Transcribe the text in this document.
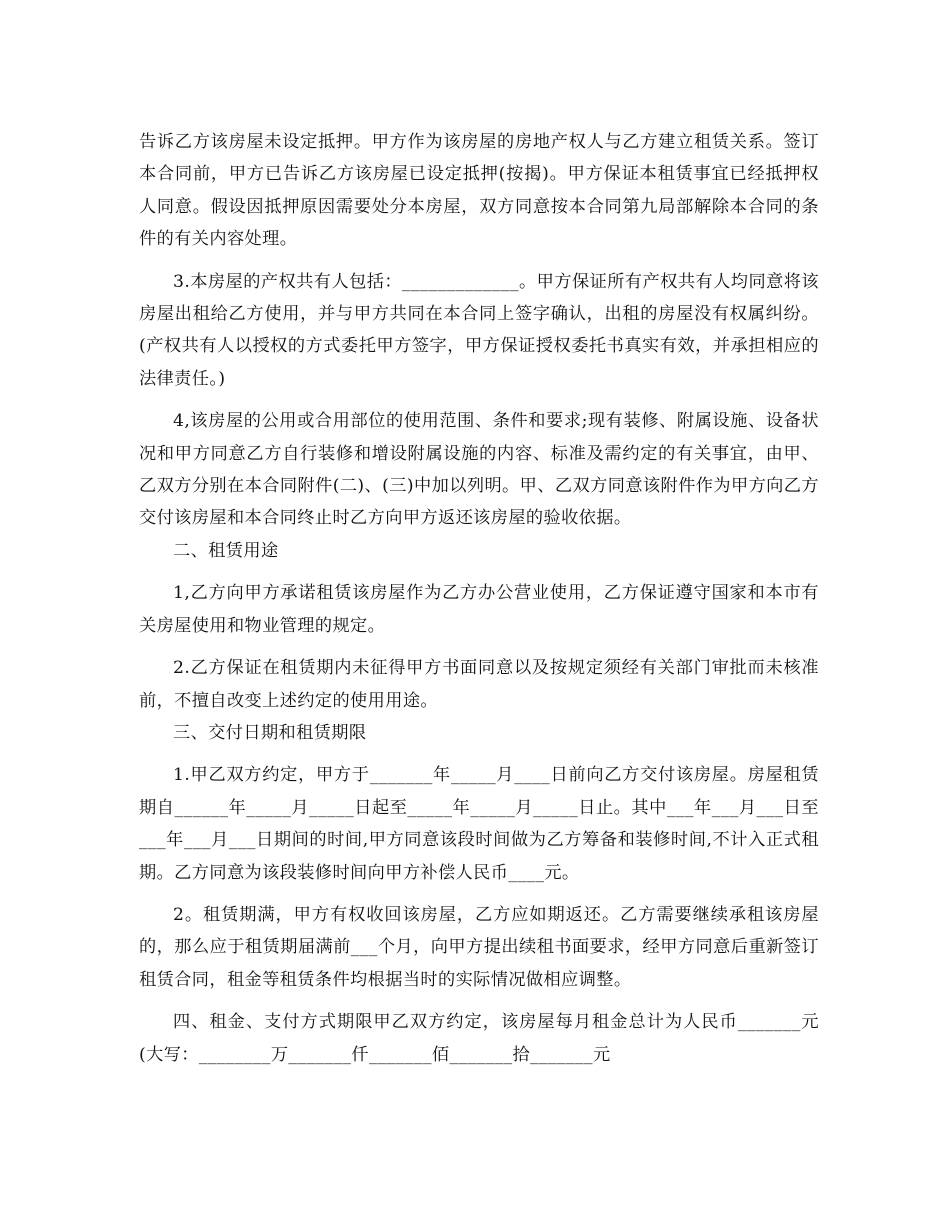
告诉乙方该房屋未设定抵押。甲方作为该房屋的房地产权人与乙方建立租赁关系。签订本合同前，甲方已告诉乙方该房屋已设定抵押(按揭)。甲方保证本租赁事宜已经抵押权人同意。假设因抵押原因需要处分本房屋，双方同意按本合同第九局部解除本合同的条件的有关内容处理。

3.本房屋的产权共有人包括：_____________。甲方保证所有产权共有人均同意将该房屋出租给乙方使用，并与甲方共同在本合同上签字确认，出租的房屋没有权属纠纷。(产权共有人以授权的方式委托甲方签字，甲方保证授权委托书真实有效，并承担相应的法律责任。)

4,该房屋的公用或合用部位的使用范围、条件和要求;现有装修、附属设施、设备状况和甲方同意乙方自行装修和增设附属设施的内容、标准及需约定的有关事宜，由甲、乙双方分别在本合同附件(二)、(三)中加以列明。甲、乙双方同意该附件作为甲方向乙方交付该房屋和本合同终止时乙方向甲方返还该房屋的验收依据。

二、租赁用途

1,乙方向甲方承诺租赁该房屋作为乙方办公营业使用，乙方保证遵守国家和本市有关房屋使用和物业管理的规定。

2.乙方保证在租赁期内未征得甲方书面同意以及按规定须经有关部门审批而未核准前，不擅自改变上述约定的使用用途。

三、交付日期和租赁期限

1.甲乙双方约定，甲方于_______年_____月____日前向乙方交付该房屋。房屋租赁期自______年_____月_____日起至_____年_____月_____日止。其中___年___月___日至___年___月___日期间的时间,甲方同意该段时间做为乙方筹备和装修时间,不计入正式租期。乙方同意为该段装修时间向甲方补偿人民币____元。

2。租赁期满，甲方有权收回该房屋，乙方应如期返还。乙方需要继续承租该房屋的，那么应于租赁期届满前___个月，向甲方提出续租书面要求，经甲方同意后重新签订租赁合同，租金等租赁条件均根据当时的实际情况做相应调整。

四、租金、支付方式期限甲乙双方约定，该房屋每月租金总计为人民币_______元(大写：________万_______仟_______佰_______拾_______元
